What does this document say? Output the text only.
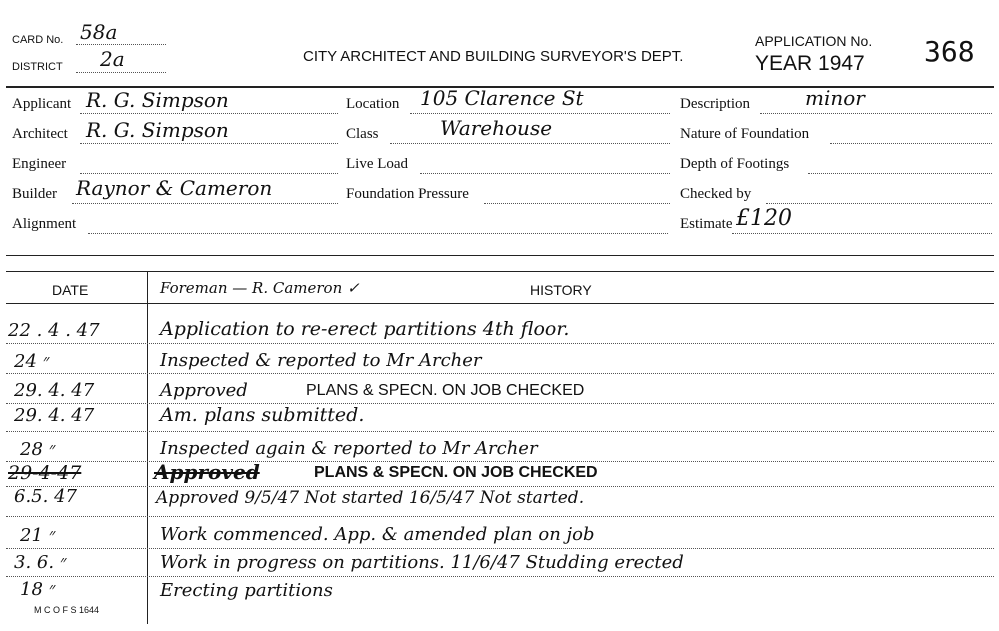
CARD No. 58a
DISTRICT 2a	CITY ARCHITECT AND BUILDING SURVEYOR'S DEPT.
APPLICATION No. 368
YEAR 1947
Applicant R. G. Simpson
Architect R. G. Simpson
Engineer
Builder Raynor & Cameron
Alignment
Location 105 Clarence St
Class	Warehouse
Live Load
Foundation Pressure
Description	minor
Nature of Foundation
Depth of Footings
Checked by
Estimate £120
DATE	Foreman — R. Cameron ✓	HISTORY
22 . 4 . 47	Application to re-erect partitions 4th floor.
24 ״	Inspected & reported to Mr Archer
29. 4. 47	Approved	PLANS & SPECN. ON JOB CHECKED
29. 4. 47	Am. plans submitted.
28 ״	Inspected again & reported to Mr Archer
29-4-47	Approved	PLANS & SPECN. ON JOB CHECKED
6.5. 47	Approved 9/5/47 Not started 16/5/47 Not started.
21 ״	Work commenced. App. & amended plan on job
3. 6. ״	Work in progress on partitions. 11/6/47 Studding erected
18 ״	Erecting partitions
M C O F S 1644
